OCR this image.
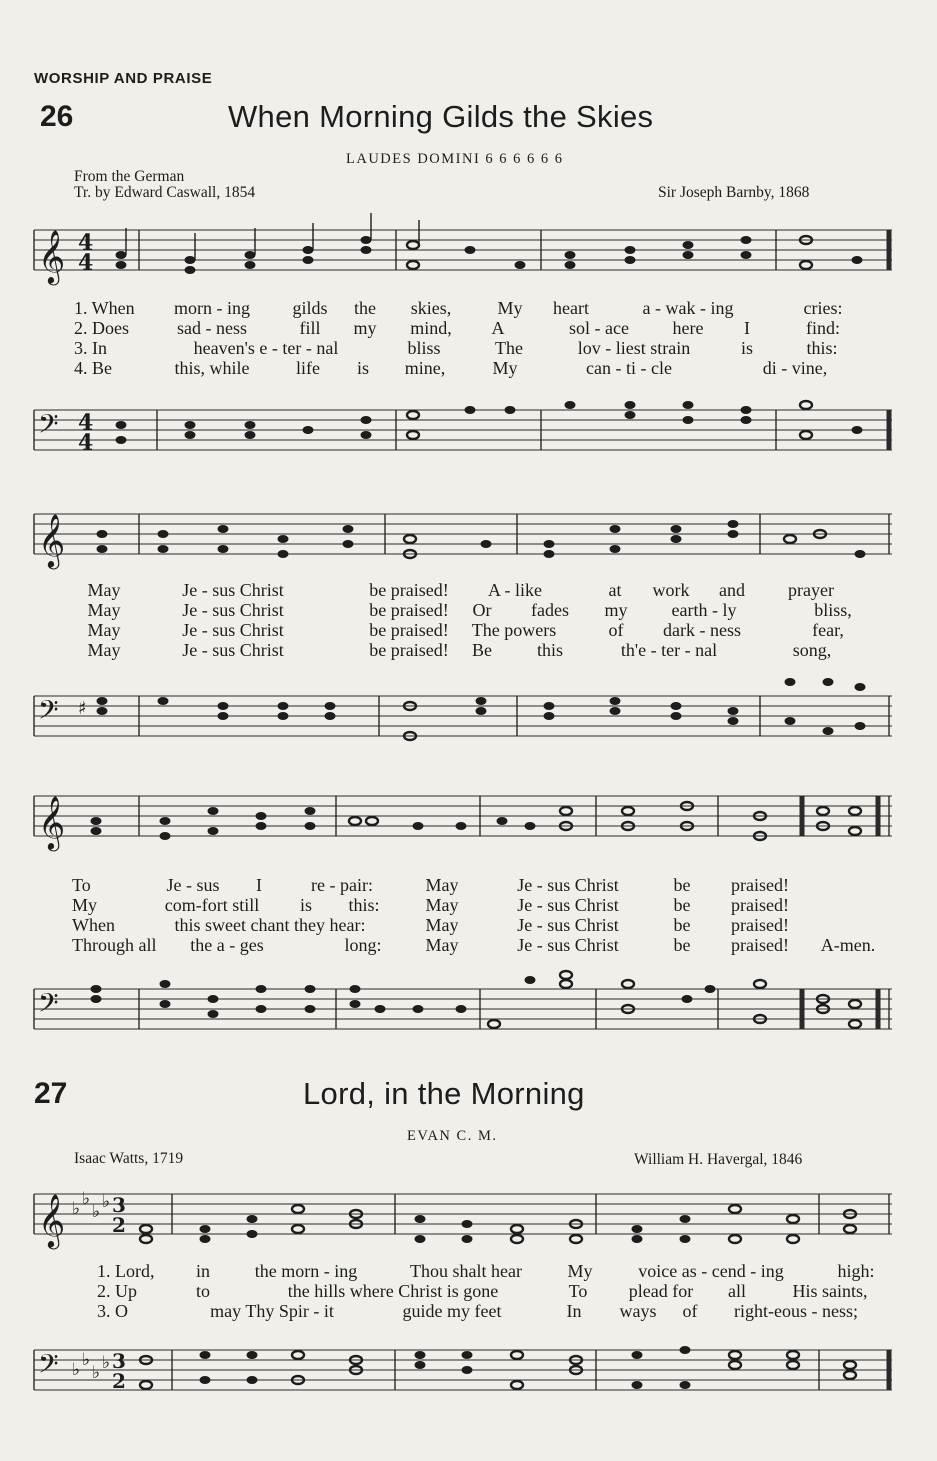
WORSHIP AND PRAISE
26	When Morning Gilds the Skies
LAUDES DOMINI 6 6 6 6 6 6
From the German
Tr. by Edward Caswall, 1854	Sir Joseph Barnby, 1868
𝄞 4
4
1. When morn - ing gilds the skies,	My heart	a - wak - ing	cries:
2. Does	sad - ness	fill my mind, A	sol - ace here I	find:
3. In	heaven's e - ter - nal	bliss	The	lov - liest strain	is	this:
4. Be	this, while	life is mine,	My	can - ti - cle	di - vine,
𝄢 4
4
𝄞
May	Je - sus Christ	be praised! A - like	at work and prayer
May	Je - sus Christ	be praised! Or fades my earth - ly	bliss,
May	Je - sus Christ	be praised! The powers	of dark - ness	fear,
May	Je - sus Christ	be praised! Be this	th'e - ter - nal	song,
𝄢 ♯
𝄞
To	Je - sus I	re - pair:	May	Je - sus Christ	be praised!
My	com-fort still is this:	May	Je - sus Christ	be praised!
When	this sweet chant they hear:	May	Je - sus Christ	be praised!
Through all the a - ges	long: May	Je - sus Christ	be praised! A-men.
𝄢
27	Lord, in the Morning
EVAN C. M.
Isaac Watts, 1719	William H. Havergal, 1846
𝄞 ♭ ♭
♭ ♭ 3
2
1. Lord, in the morn - ing	Thou shalt hear	My	voice as - cend - ing	high:
2. Up	to	the hills where Christ is gone	To plead for all	His saints,
3. O	may Thy Spir - it	guide my feet	In ways of right-eous - ness;
𝄢 ♭ ♭
♭ ♭ 3
2
